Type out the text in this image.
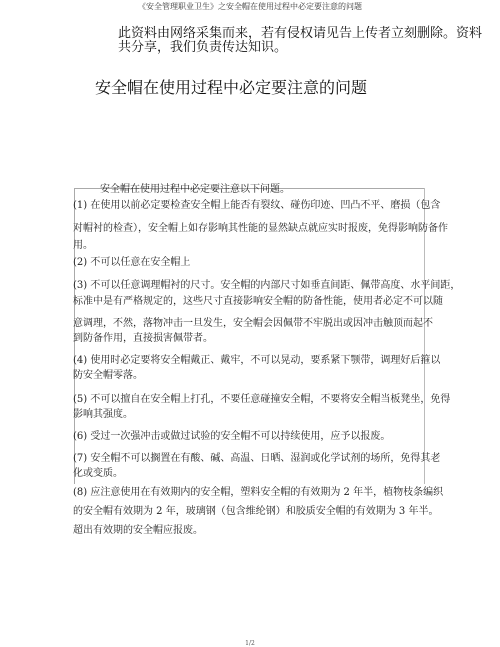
《安全管理职业卫生》之安全帽在使用过程中必定要注意的问题
此资料由网络采集而来，若有侵权请见告上传者立刻删除。资料
共分享，我们负责传达知识。
安全帽在使用过程中必定要注意的问题
安全帽在使用过程中必定要注意以下问题。
(1) 在使用以前必定要检查安全帽上能否有裂纹、碰伤印迹、凹凸不平、磨损（包含
对帽衬的检查），安全帽上如存影响其性能的显然缺点就应实时报废，免得影响防备作
用。
(2) 不可以任意在安全帽上
(3) 不可以任意调理帽衬的尺寸。安全帽的内部尺寸如垂直间距、佩带高度、水平间距，
标准中是有严格规定的，这些尺寸直接影响安全帽的防备性能，使用者必定不可以随
意调理，不然，落物冲击一旦发生，安全帽会因佩带不牢脱出或因冲击触顶而起不
到防备作用，直接损害佩带者。
(4) 使用时必定要将安全帽戴正、戴牢，不可以晃动，要系紧下颚带，调理好后箍以
防安全帽零落。
(5) 不可以擅自在安全帽上打孔，不要任意碰撞安全帽，不要将安全帽当板凳坐，免得
影响其强度。
(6) 受过一次强冲击或做过试验的安全帽不可以持续使用，应予以报废。
(7) 安全帽不可以搁置在有酸、碱、高温、日晒、湿润或化学试剂的场所，免得其老
化或变质。
(8) 应注意使用在有效期内的安全帽，塑料安全帽的有效期为 2 年半，植物枝条编织
的安全帽有效期为 2 年，玻璃钢（包含维纶钢）和胶质安全帽的有效期为 3 年半。
超出有效期的安全帽应报废。
1/2
